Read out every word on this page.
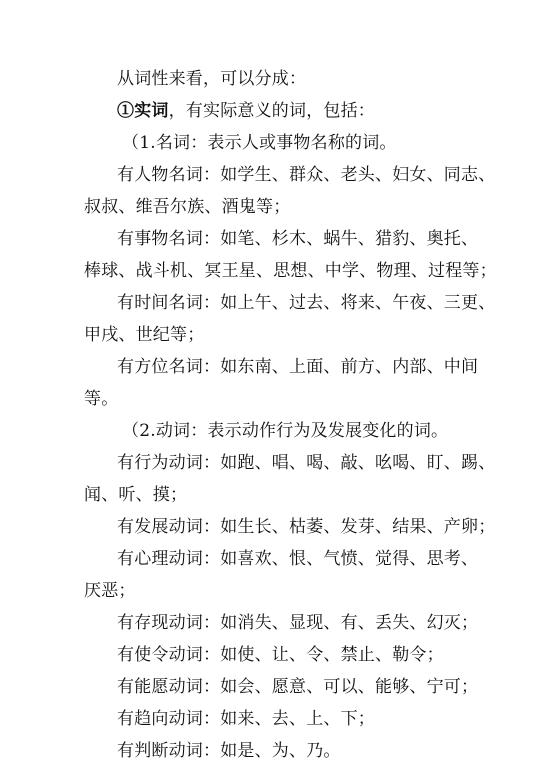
从词性来看，可以分成：
①实词，有实际意义的词，包括：
（1.名词：表示人或事物名称的词。
有人物名词：如学生、群众、老头、妇女、同志、
叔叔、维吾尔族、酒鬼等；
有事物名词：如笔、杉木、蜗牛、猎豹、奥托、
棒球、战斗机、冥王星、思想、中学、物理、过程等；
有时间名词：如上午、过去、将来、午夜、三更、
甲戌、世纪等；
有方位名词：如东南、上面、前方、内部、中间
等。
（2.动词：表示动作行为及发展变化的词。
有行为动词：如跑、唱、喝、敲、吆喝、盯、踢、
闻、听、摸；
有发展动词：如生长、枯萎、发芽、结果、产卵；
有心理动词：如喜欢、恨、气愤、觉得、思考、
厌恶；
有存现动词：如消失、显现、有、丢失、幻灭；
有使令动词：如使、让、令、禁止、勒令；
有能愿动词：如会、愿意、可以、能够、宁可；
有趋向动词：如来、去、上、下；
有判断动词：如是、为、乃。
